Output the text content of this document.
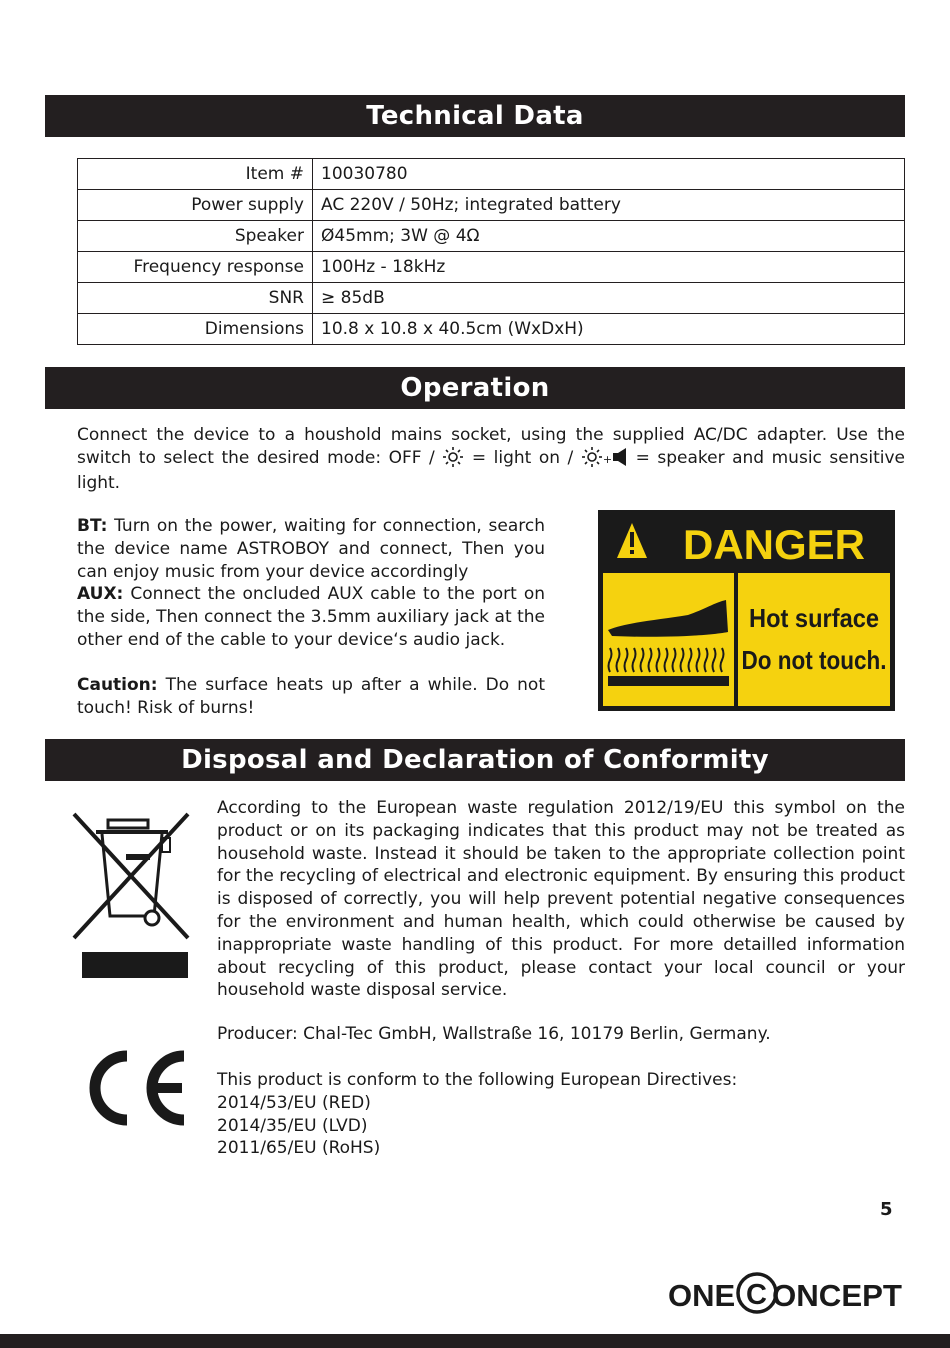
Technical Data
Item #	10030780
Power supply	AC 220V / 50Hz; integrated battery
Speaker	Ø45mm; 3W @ 4Ω
Frequency response	100Hz - 18kHz
SNR	≥ 85dB
Dimensions	10.8 x 10.8 x 40.5cm (WxDxH)
Operation
Connect the device to a houshold mains socket, using the supplied AC/DC adapter. Use the switch to select the desired mode: OFF /  = light on / + = speaker and music sensitive light.
BT: Turn on the power, waiting for connection, search the device name ASTROBOY and connect, Then you can enjoy music from your device accordingly
AUX: Connect the oncluded AUX cable to the port on the side, Then connect the 3.5mm auxiliary jack at the other end of the cable to your device‘s audio jack.
Caution: The surface heats up after a while. Do not touch! Risk of burns!
DANGER
Hot surface
Do not touch.
Disposal and Declaration of Conformity
According to the European waste regulation 2012/19/EU this symbol on the product or on its packaging indicates that this product may not be treated as household waste. Instead it should be taken to the appropriate collection point for the recycling of electrical and electronic equipment. By ensuring this product is disposed of correctly, you will help prevent potential negative consequences for the environment and human health, which could otherwise be caused by inappropriate waste handling of this product. For more detailled information about recycling of this product, please contact your local council or your household waste disposal service.
Producer: Chal-Tec GmbH, Wallstraße 16, 10179 Berlin, Germany.
This product is conform to the following European Directives:
2014/53/EU (RED)
2014/35/EU (LVD)
2011/65/EU (RoHS)
5
ONE C ONCEPT
